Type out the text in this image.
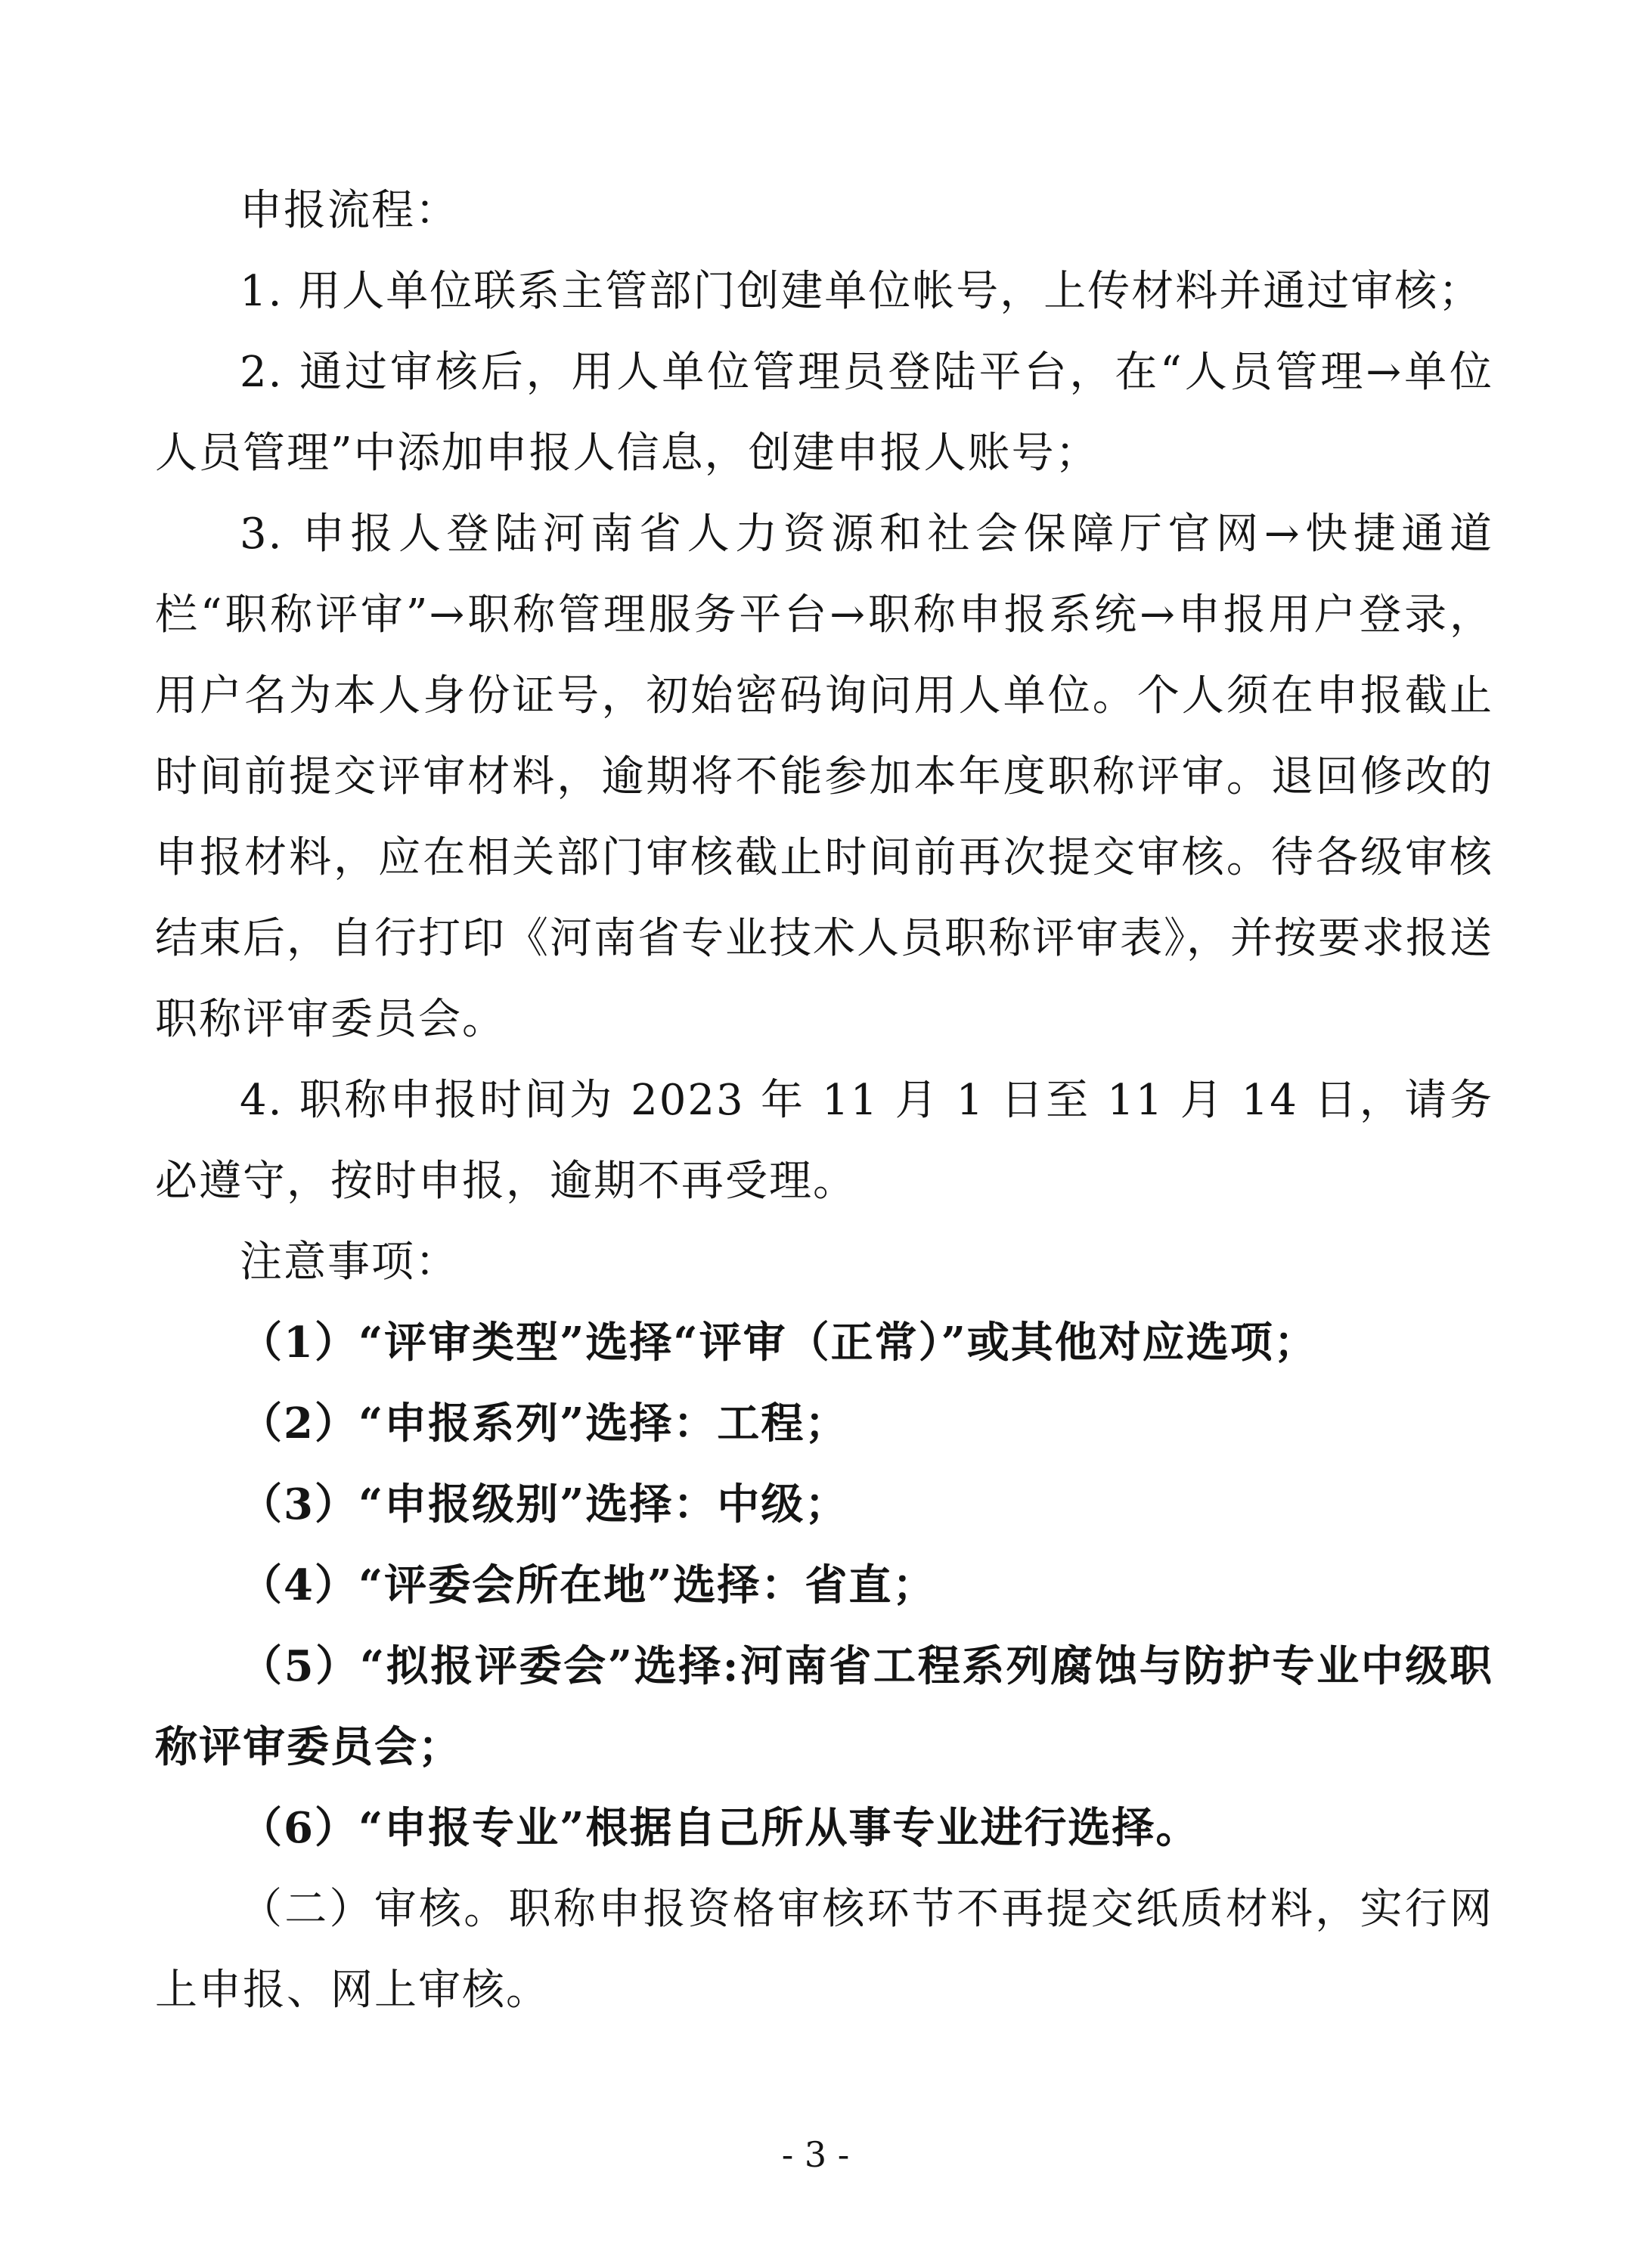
申报流程：

1. 用人单位联系主管部门创建单位帐号，上传材料并通过审核；

2. 通过审核后，用人单位管理员登陆平台，在“人员管理→单位人员管理”中添加申报人信息，创建申报人账号；

3. 申报人登陆河南省人力资源和社会保障厅官网→快捷通道栏“职称评审”→职称管理服务平台→职称申报系统→申报用户登录，用户名为本人身份证号，初始密码询问用人单位。个人须在申报截止时间前提交评审材料，逾期将不能参加本年度职称评审。退回修改的申报材料，应在相关部门审核截止时间前再次提交审核。待各级审核结束后，自行打印《河南省专业技术人员职称评审表》，并按要求报送职称评审委员会。

4. 职称申报时间为 2023 年 11 月 1 日至 11 月 14 日，请务必遵守，按时申报，逾期不再受理。

注意事项：

（1）“评审类型”选择“评审（正常）”或其他对应选项；

（2）“申报系列”选择：工程；

（3）“申报级别”选择：中级；

（4）“评委会所在地”选择：省直；

（5）“拟报评委会”选择:河南省工程系列腐蚀与防护专业中级职称评审委员会；

（6）“申报专业”根据自己所从事专业进行选择。

（二）审核。职称申报资格审核环节不再提交纸质材料，实行网上申报、网上审核。

- 3 -
